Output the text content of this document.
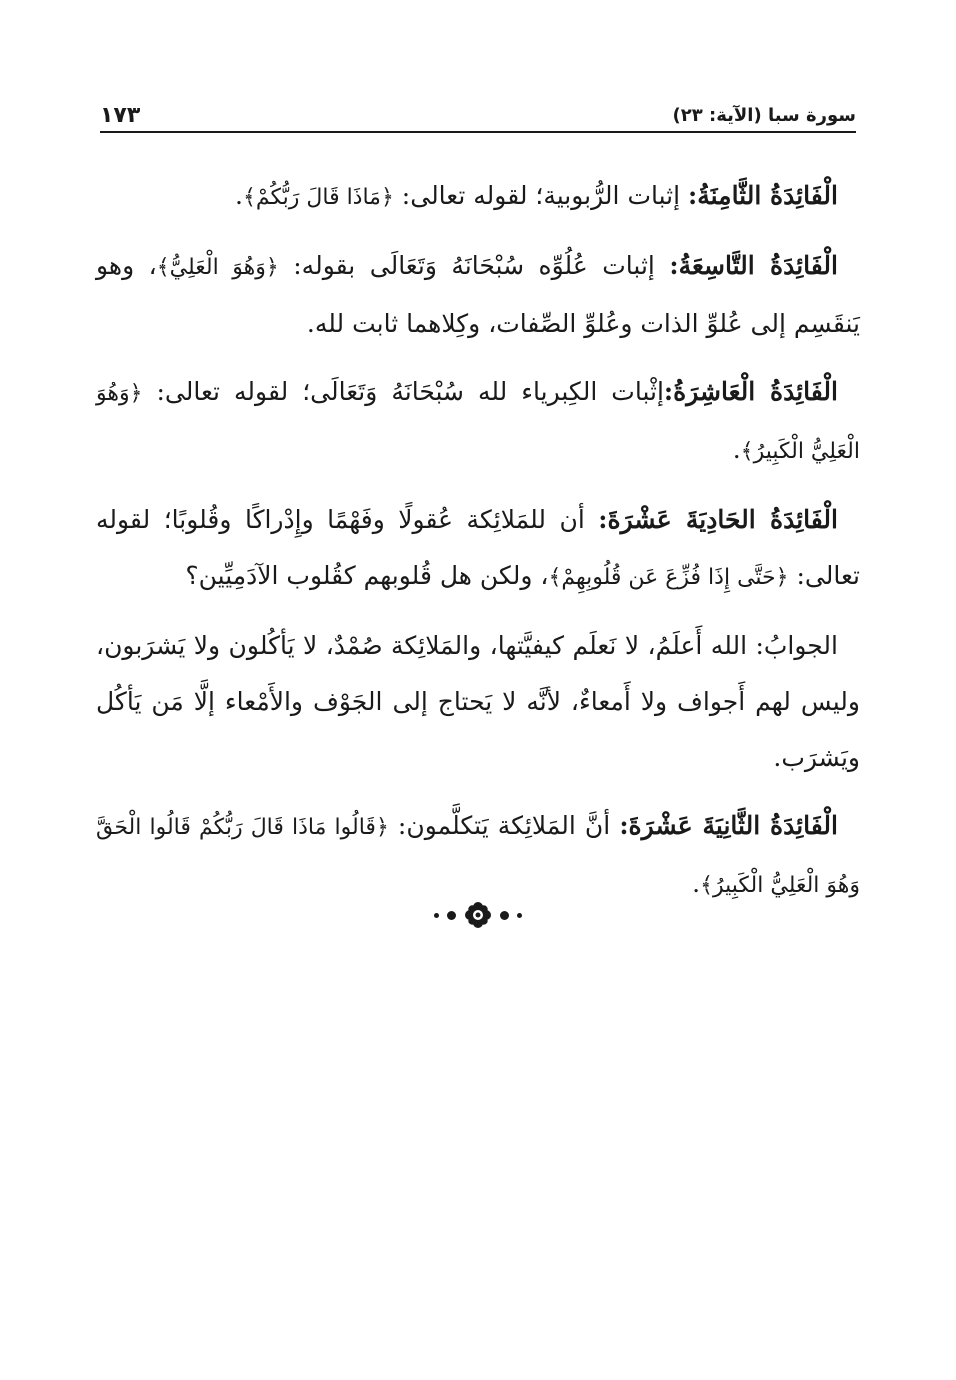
سورة سبا (الآية: ٢٣)
١٧٣

الْفَائِدَةُ الثَّامِنَةُ: إثبات الرُّبوبية؛ لقوله تعالى: ﴿مَاذَا قَالَ رَبُّكُمْ﴾.

الْفَائِدَةُ التَّاسِعَةُ: إثبات عُلُوِّه سُبْحَانَهُ وَتَعَالَى بقوله: ﴿وَهُوَ الْعَلِيُّ﴾، وهو يَنقَسِم إلى عُلوِّ الذات وعُلوِّ الصِّفات، وكِلاهما ثابت لله.

الْفَائِدَةُ الْعَاشِرَةُ:إثْبات الكِبرياء لله سُبْحَانَهُ وَتَعَالَى؛ لقوله تعالى: ﴿وَهُوَ الْعَلِيُّ الْكَبِيرُ﴾.

الْفَائِدَةُ الحَادِيَةَ عَشْرَةَ: أن للمَلائِكة عُقولًا وفَهْمًا وإِدْراكًا وقُلوبًا؛ لقوله تعالى: ﴿حَتَّى إِذَا فُزِّعَ عَن قُلُوبِهِمْ﴾، ولكن هل قُلوبهم كقُلوب الآدَمِيِّين؟

الجوابُ: الله أَعلَمُ، لا نَعلَم كيفيَّتها، والمَلائِكة صُمْدٌ، لا يَأكُلون ولا يَشرَبون، وليس لهم أَجواف ولا أَمعاءٌ، لأنَّه لا يَحتاج إلى الجَوْف والأَمْعاء إلَّا مَن يَأكُل ويَشرَب.

الْفَائِدَةُ الثَّانِيَةَ عَشْرَةَ: أنَّ المَلائِكة يَتكلَّمون: ﴿قَالُوا مَاذَا قَالَ رَبُّكُمْ قَالُوا الْحَقَّ وَهُوَ الْعَلِيُّ الْكَبِيرُ﴾.
